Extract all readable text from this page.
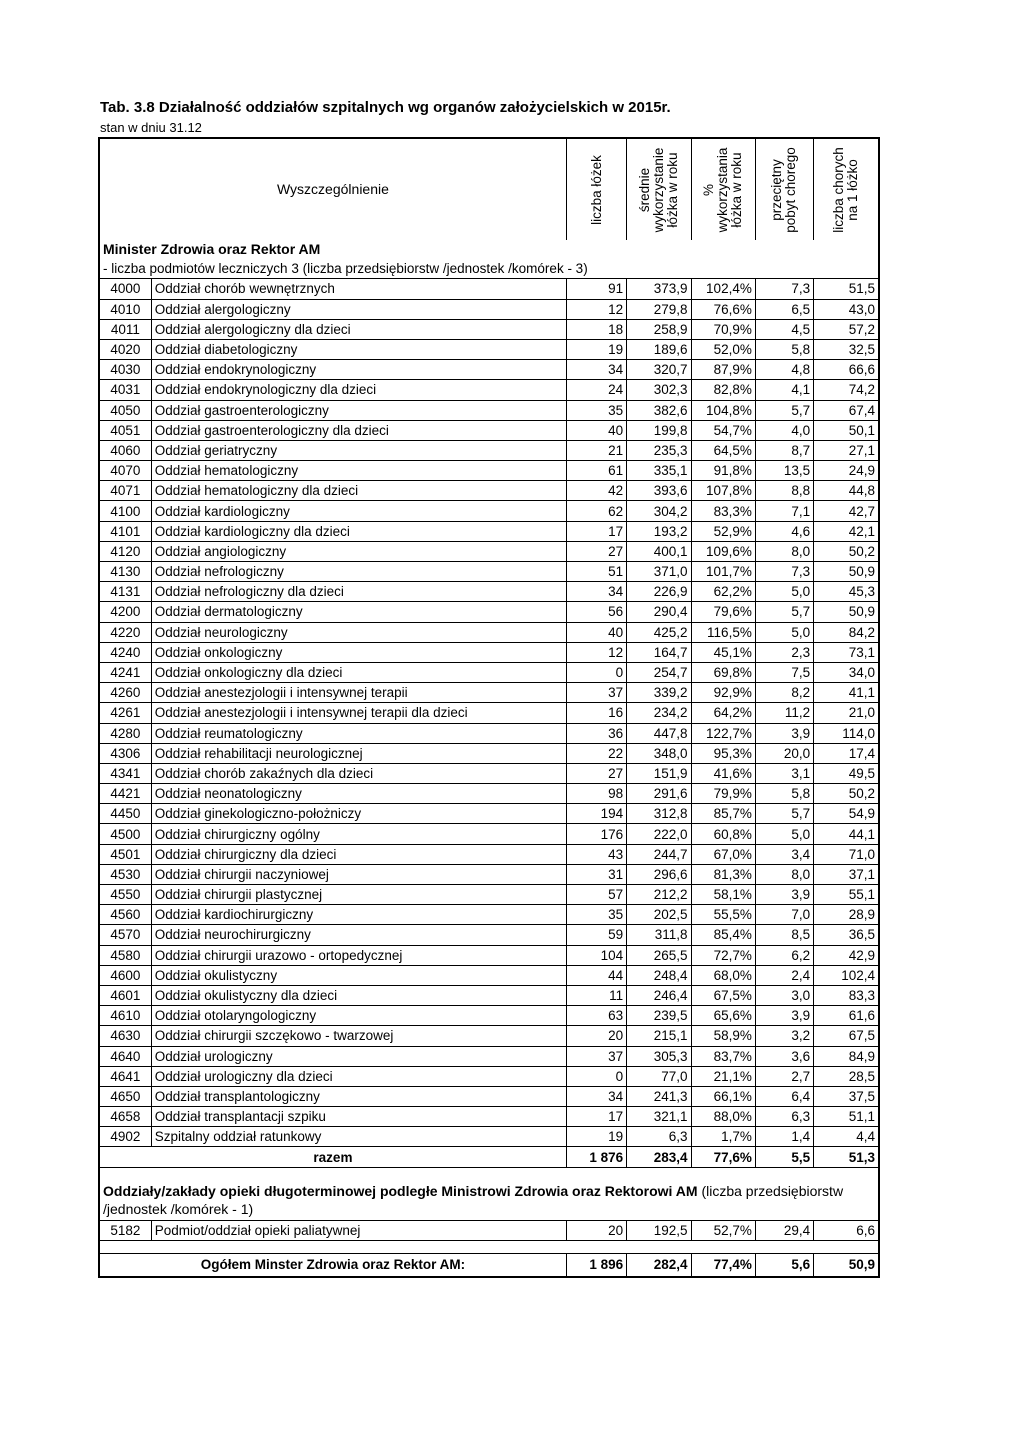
Tab. 3.8 Działalność oddziałów szpitalnych wg organów założycielskich w 2015r.
stan w dniu 31.12
Wyszczególnienie		liczba łóżek	średnie
wykorzystanie
łóżka w roku	%
wykorzystania
łóżka w roku	przeciętny
pobyt chorego	liczba chorych
na 1 łóżko

Minister Zdrowia oraz Rektor AM						
- liczba podmiotów leczniczych 3 (liczba przedsiębiorstw /jednostek /komórek - 3)						
4000	Oddział chorób wewnętrznych	91	373,9	102,4%	7,3	51,5
4010	Oddział alergologiczny	12	279,8	76,6%	6,5	43,0
4011	Oddział alergologiczny dla dzieci	18	258,9	70,9%	4,5	57,2
4020	Oddział diabetologiczny	19	189,6	52,0%	5,8	32,5
4030	Oddział endokrynologiczny	34	320,7	87,9%	4,8	66,6
4031	Oddział endokrynologiczny dla dzieci	24	302,3	82,8%	4,1	74,2
4050	Oddział gastroenterologiczny	35	382,6	104,8%	5,7	67,4
4051	Oddział gastroenterologiczny dla dzieci	40	199,8	54,7%	4,0	50,1
4060	Oddział geriatryczny	21	235,3	64,5%	8,7	27,1
4070	Oddział hematologiczny	61	335,1	91,8%	13,5	24,9
4071	Oddział hematologiczny dla dzieci	42	393,6	107,8%	8,8	44,8
4100	Oddział kardiologiczny	62	304,2	83,3%	7,1	42,7
4101	Oddział kardiologiczny dla dzieci	17	193,2	52,9%	4,6	42,1
4120	Oddział angiologiczny	27	400,1	109,6%	8,0	50,2
4130	Oddział nefrologiczny	51	371,0	101,7%	7,3	50,9
4131	Oddział nefrologiczny dla dzieci	34	226,9	62,2%	5,0	45,3
4200	Oddział dermatologiczny	56	290,4	79,6%	5,7	50,9
4220	Oddział neurologiczny	40	425,2	116,5%	5,0	84,2
4240	Oddział onkologiczny	12	164,7	45,1%	2,3	73,1
4241	Oddział onkologiczny dla dzieci	0	254,7	69,8%	7,5	34,0
4260	Oddział anestezjologii i intensywnej terapii	37	339,2	92,9%	8,2	41,1
4261	Oddział anestezjologii i intensywnej terapii dla dzieci	16	234,2	64,2%	11,2	21,0
4280	Oddział reumatologiczny	36	447,8	122,7%	3,9	114,0
4306	Oddział rehabilitacji neurologicznej	22	348,0	95,3%	20,0	17,4
4341	Oddział chorób zakaźnych dla dzieci	27	151,9	41,6%	3,1	49,5
4421	Oddział neonatologiczny	98	291,6	79,9%	5,8	50,2
4450	Oddział ginekologiczno-położniczy	194	312,8	85,7%	5,7	54,9
4500	Oddział chirurgiczny ogólny	176	222,0	60,8%	5,0	44,1
4501	Oddział chirurgiczny dla dzieci	43	244,7	67,0%	3,4	71,0
4530	Oddział chirurgii naczyniowej	31	296,6	81,3%	8,0	37,1
4550	Oddział chirurgii plastycznej	57	212,2	58,1%	3,9	55,1
4560	Oddział kardiochirurgiczny	35	202,5	55,5%	7,0	28,9
4570	Oddział neurochirurgiczny	59	311,8	85,4%	8,5	36,5
4580	Oddział chirurgii urazowo - ortopedycznej	104	265,5	72,7%	6,2	42,9
4600	Oddział okulistyczny	44	248,4	68,0%	2,4	102,4
4601	Oddział okulistyczny dla dzieci	11	246,4	67,5%	3,0	83,3
4610	Oddział otolaryngologiczny	63	239,5	65,6%	3,9	61,6
4630	Oddział chirurgii szczękowo - twarzowej	20	215,1	58,9%	3,2	67,5
4640	Oddział urologiczny	37	305,3	83,7%	3,6	84,9
4641	Oddział urologiczny dla dzieci	0	77,0	21,1%	2,7	28,5
4650	Oddział transplantologiczny	34	241,3	66,1%	6,4	37,5
4658	Oddział transplantacji szpiku	17	321,1	88,0%	6,3	51,1
4902	Szpitalny oddział ratunkowy	19	6,3	1,7%	1,4	4,4
razem		1 876	283,4	77,6%	5,5	51,3

Oddziały/zakłady opieki długoterminowej podległe Ministrowi Zdrowia oraz Rektorowi AM (liczba przedsiębiorstw /jednostek /komórek - 1)						
5182	Podmiot/oddział opieki paliatywnej	20	192,5	52,7%	29,4	6,6

Ogółem Minster Zdrowia oraz Rektor AM:		1 896	282,4	77,4%	5,6	50,9
